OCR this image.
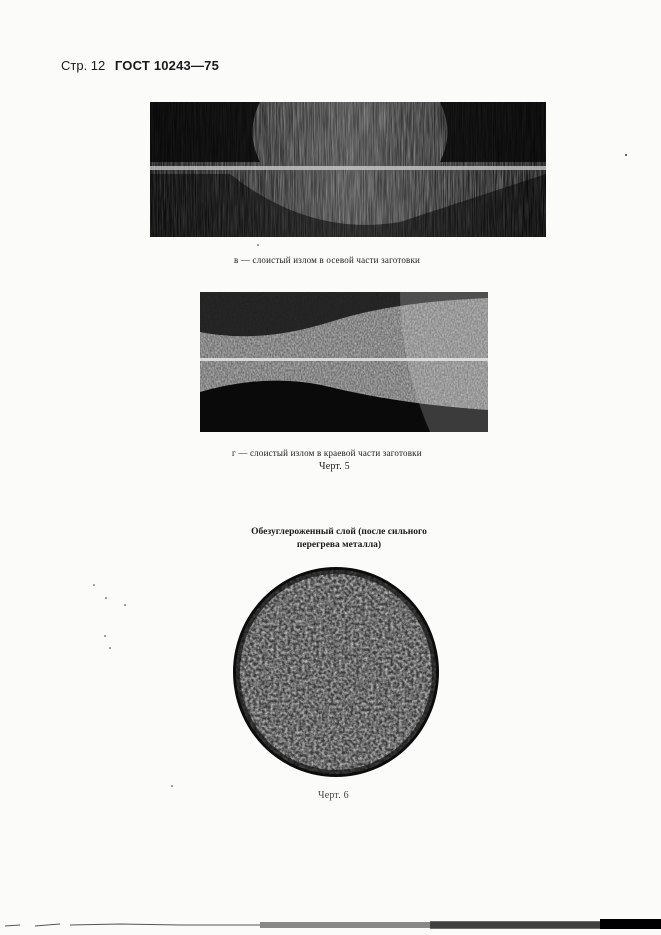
Стр. 12 ГОСТ 10243—75
в — слоистый излом в осевой части заготовки
г — слоистый излом в краевой части заготовки
Черт. 5
Обезуглероженный слой (после сильного
перегрева металла)
Черт. 6
